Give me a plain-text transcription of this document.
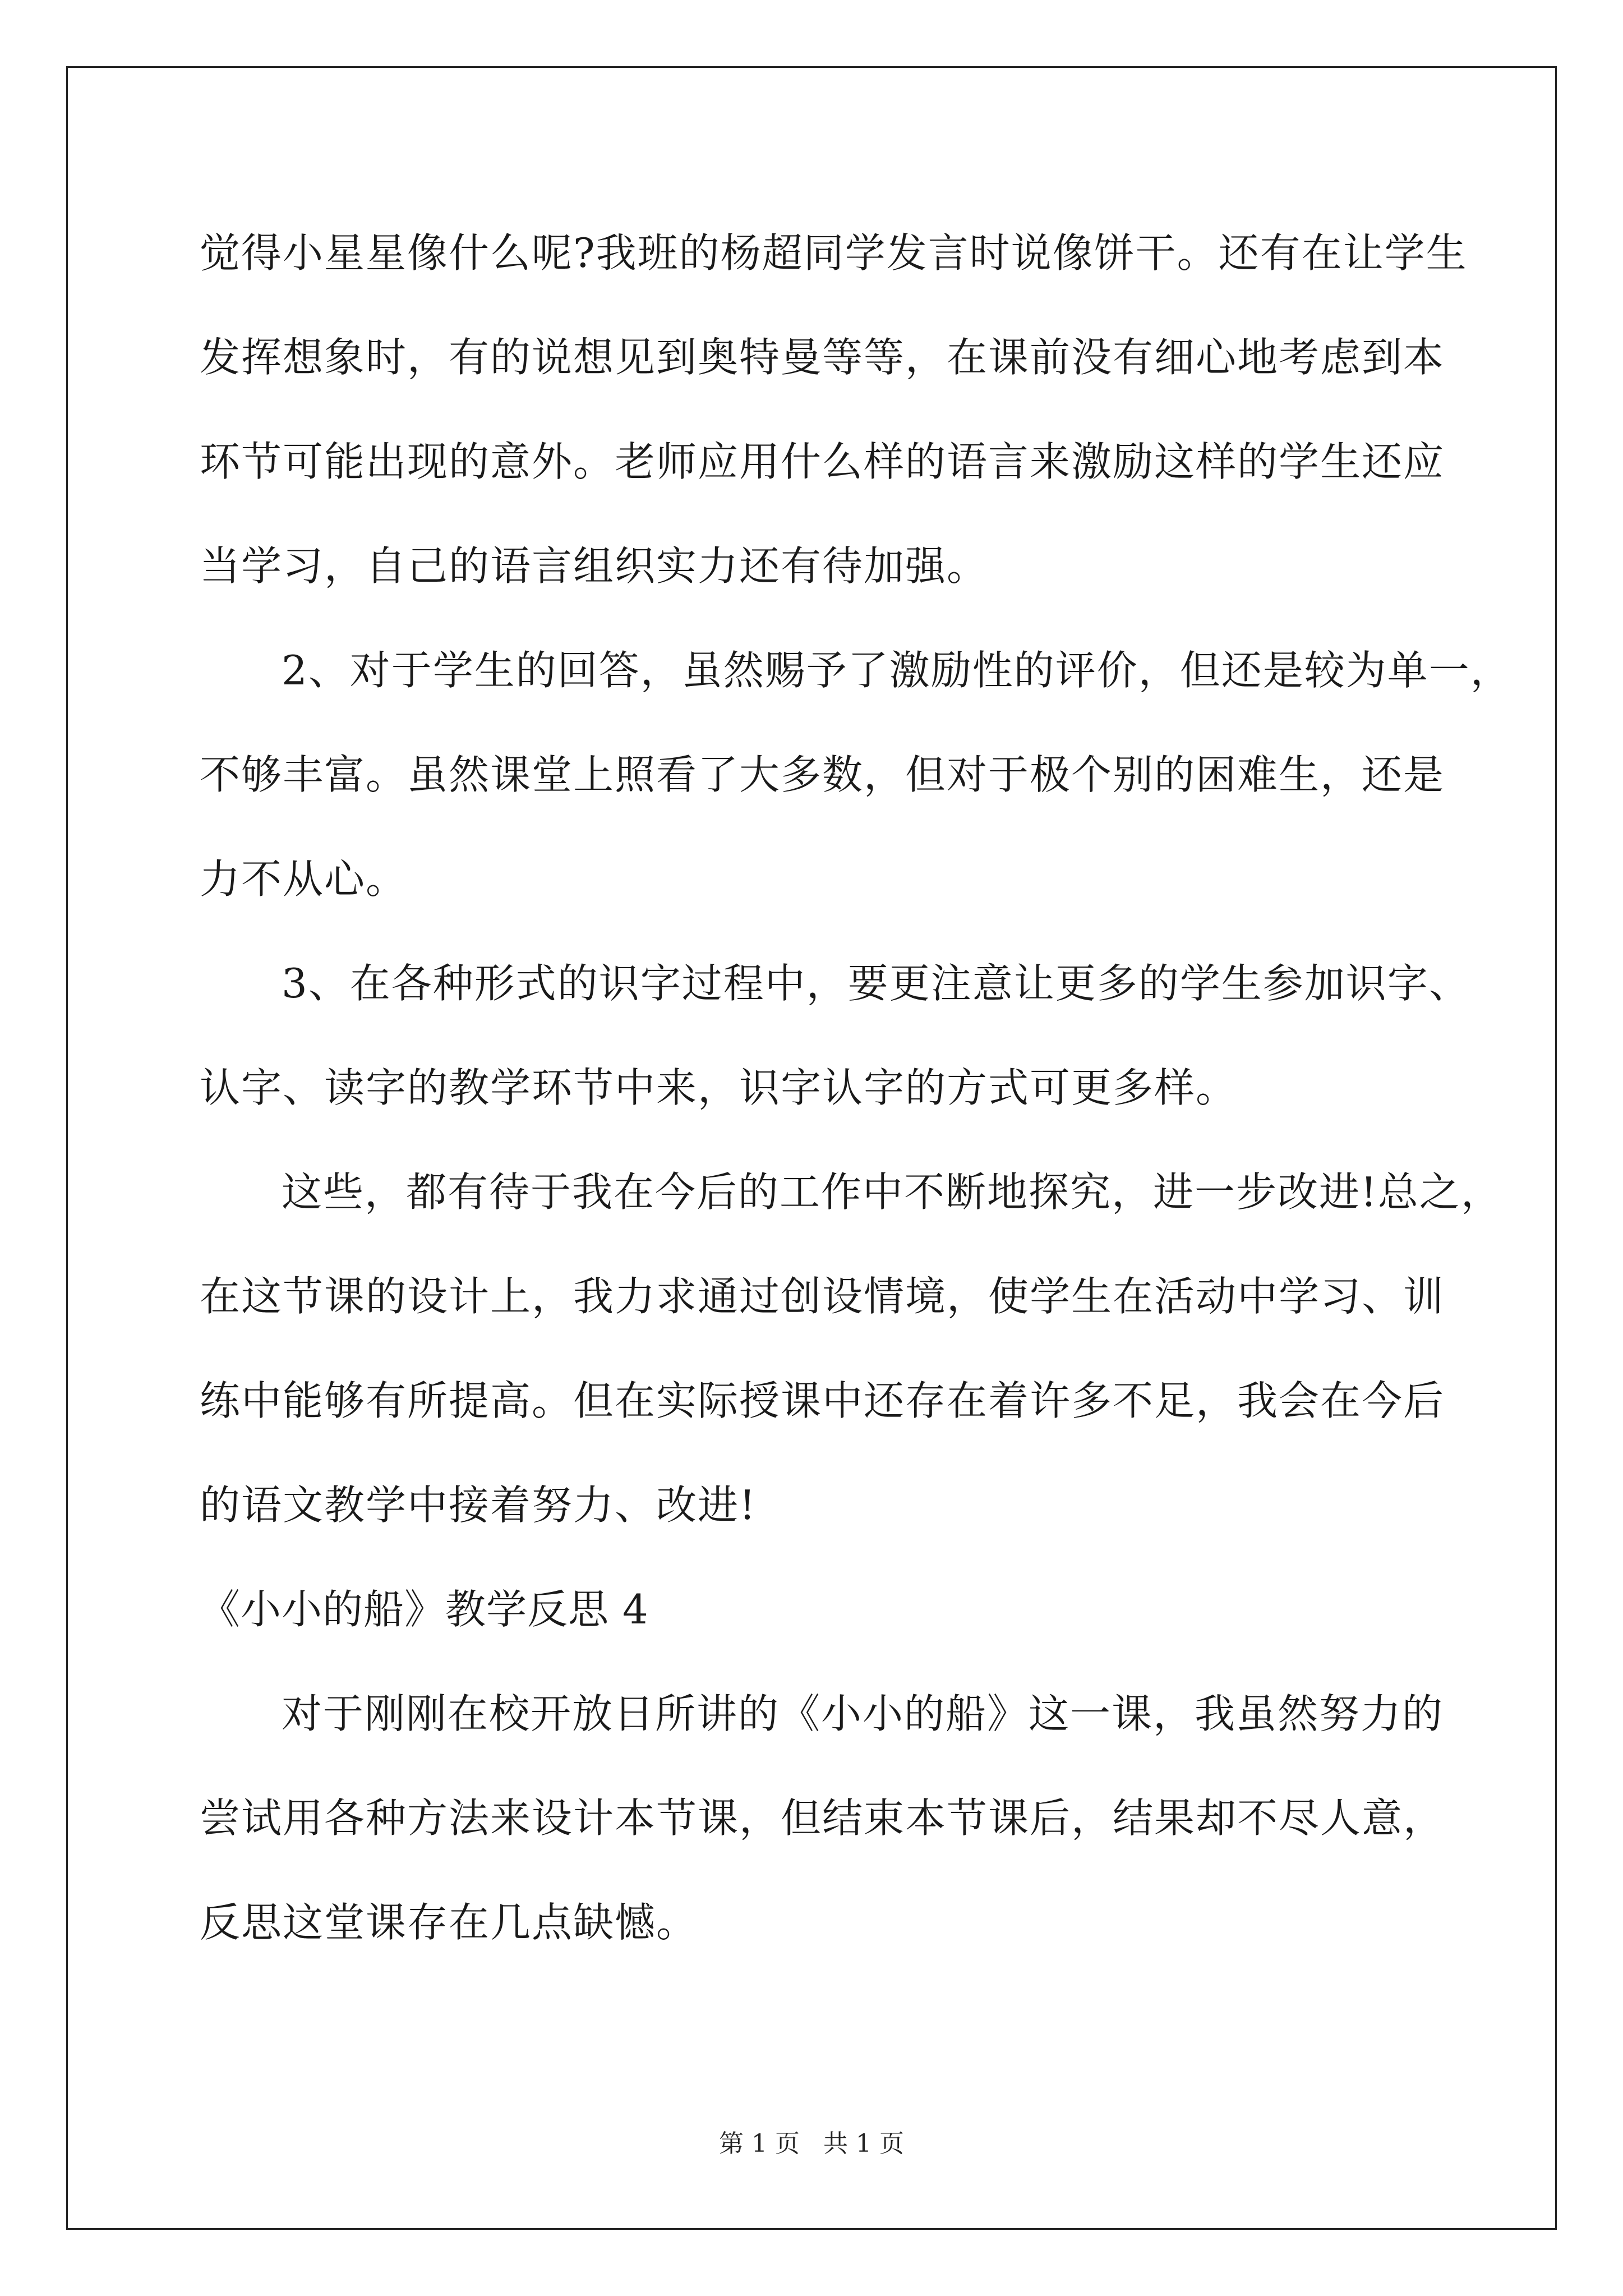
觉得小星星像什么呢?我班的杨超同学发言时说像饼干。还有在让学生
发挥想象时，有的说想见到奥特曼等等，在课前没有细心地考虑到本
环节可能出现的意外。老师应用什么样的语言来激励这样的学生还应
当学习，自己的语言组织实力还有待加强。
2、对于学生的回答，虽然赐予了激励性的评价，但还是较为单一，
不够丰富。虽然课堂上照看了大多数，但对于极个别的困难生，还是
力不从心。
3、在各种形式的识字过程中，要更注意让更多的学生参加识字、
认字、读字的教学环节中来，识字认字的方式可更多样。
这些，都有待于我在今后的工作中不断地探究，进一步改进!总之，
在这节课的设计上，我力求通过创设情境，使学生在活动中学习、训
练中能够有所提高。但在实际授课中还存在着许多不足，我会在今后
的语文教学中接着努力、改进!
《小小的船》教学反思 4
对于刚刚在校开放日所讲的《小小的船》这一课，我虽然努力的
尝试用各种方法来设计本节课，但结束本节课后，结果却不尽人意，
反思这堂课存在几点缺憾。
第 1 页   共 1 页
